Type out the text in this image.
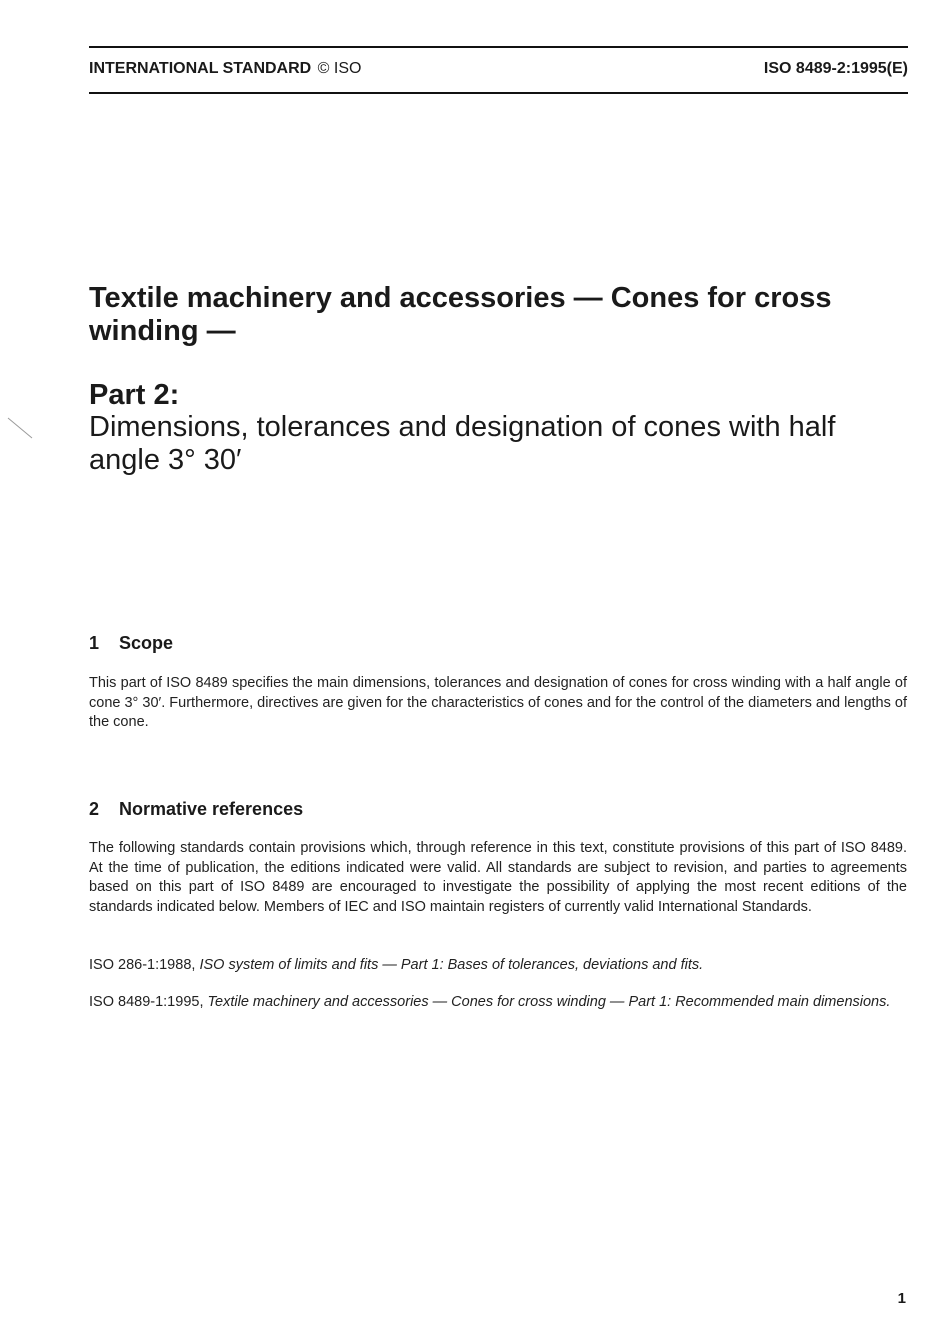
INTERNATIONAL STANDARD © ISO	ISO 8489-2:1995(E)
Textile machinery and accessories — Cones for cross winding —
Part 2:
Dimensions, tolerances and designation of cones with half angle 3° 30′
1 Scope

This part of ISO 8489 specifies the main dimensions, tolerances and designation of cones for cross winding with a half angle of cone 3° 30′. Furthermore, directives are given for the characteristics of cones and for the control of the diameters and lengths of the cone.

2 Normative references

The following standards contain provisions which, through reference in this text, constitute provisions of this part of ISO 8489. At the time of publication, the editions indicated were valid. All standards are subject to revision, and parties to agreements based on this part of ISO 8489 are encouraged to investigate the possibility of applying the most recent editions of the standards indicated below. Members of IEC and ISO maintain registers of currently valid International Standards.

ISO 286-1:1988, ISO system of limits and fits — Part 1: Bases of tolerances, deviations and fits.

ISO 8489-1:1995, Textile machinery and accessories — Cones for cross winding — Part 1: Recommended main dimensions.

1
